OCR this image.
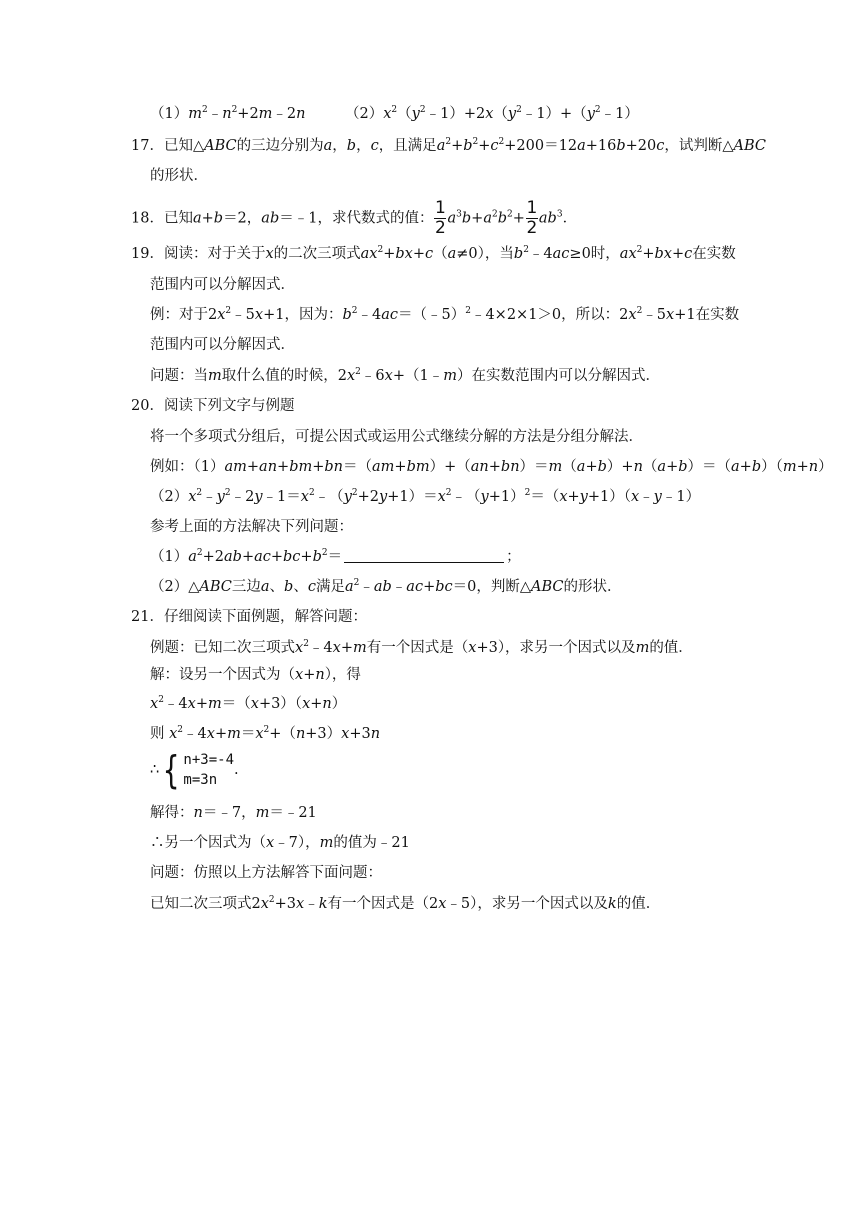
$(1)m^2﹣n^2+2m﹣2n$	$(2)x^2(y^2﹣1)+2x(y^2﹣1)+(y^2﹣1)$
17．已知△ABC的三边分别为a，b，c，且满足$a^2+b^2+c^2+200=12a+16b+20c$，试判断△ABC
的形状．
18．已知a+b＝2，ab＝﹣1，求代数式的值： $\frac{1}{2} a^3b+a^2b^2+ \frac{1}{2} ab^3$．
19．阅读：对于关于x的二次三项式$ax^2+bx+c(a\ne 0)$，当$b^2﹣4ac\ge 0$时，$ax^2+bx+c$在实数
范围内可以分解因式．
例：对于$2x^2﹣5x+1$，因为：$b^2﹣4ac=(﹣5)^2﹣4\times 2\times 1>0$，所以：$2x^2﹣5x+1$在实数
范围内可以分解因式．
问题：当m取什么值的时候，$2x^2﹣6x+(1﹣m)$在实数范围内可以分解因式．
20．阅读下列文字与例题
将一个多项式分组后，可提公因式或运用公式继续分解的方法是分组分解法．
例如：（1）am+an+bm+bn＝（am+bm）+（an+bn）＝m（a+b）+n（a+b）＝（a+b）（m+n）
$(2)x^2﹣y^2﹣2y﹣1=x^2﹣(y^2+2y+1)=x^2﹣(y+1)^2=(x+y+1)(x﹣y﹣1)$
参考上面的方法解决下列问题：
$(1)a^2+2ab+ac+bc+b^2=$	；
（2）△ABC三边a、b、c满足$a^2﹣ab﹣ac+bc=0$，判断△ABC的形状．
21．仔细阅读下面例题，解答问题：
例题：已知二次三项式$x^2﹣4x+m$有一个因式是（x+3），求另一个因式以及m的值．
解：设另一个因式为（x+n），得
$x^2﹣4x+m=(x+3)(x+n)$
则 $x^2﹣4x+m=x^2+(n+3)x+3n$
∴{ n+3=-4
m=3n
.
解得：n＝﹣7，m＝﹣21
∴另一个因式为（x﹣7），m的值为﹣21
问题：仿照以上方法解答下面问题：
已知二次三项式$2x^2+3x﹣k$有一个因式是（2x﹣5），求另一个因式以及k的值．
